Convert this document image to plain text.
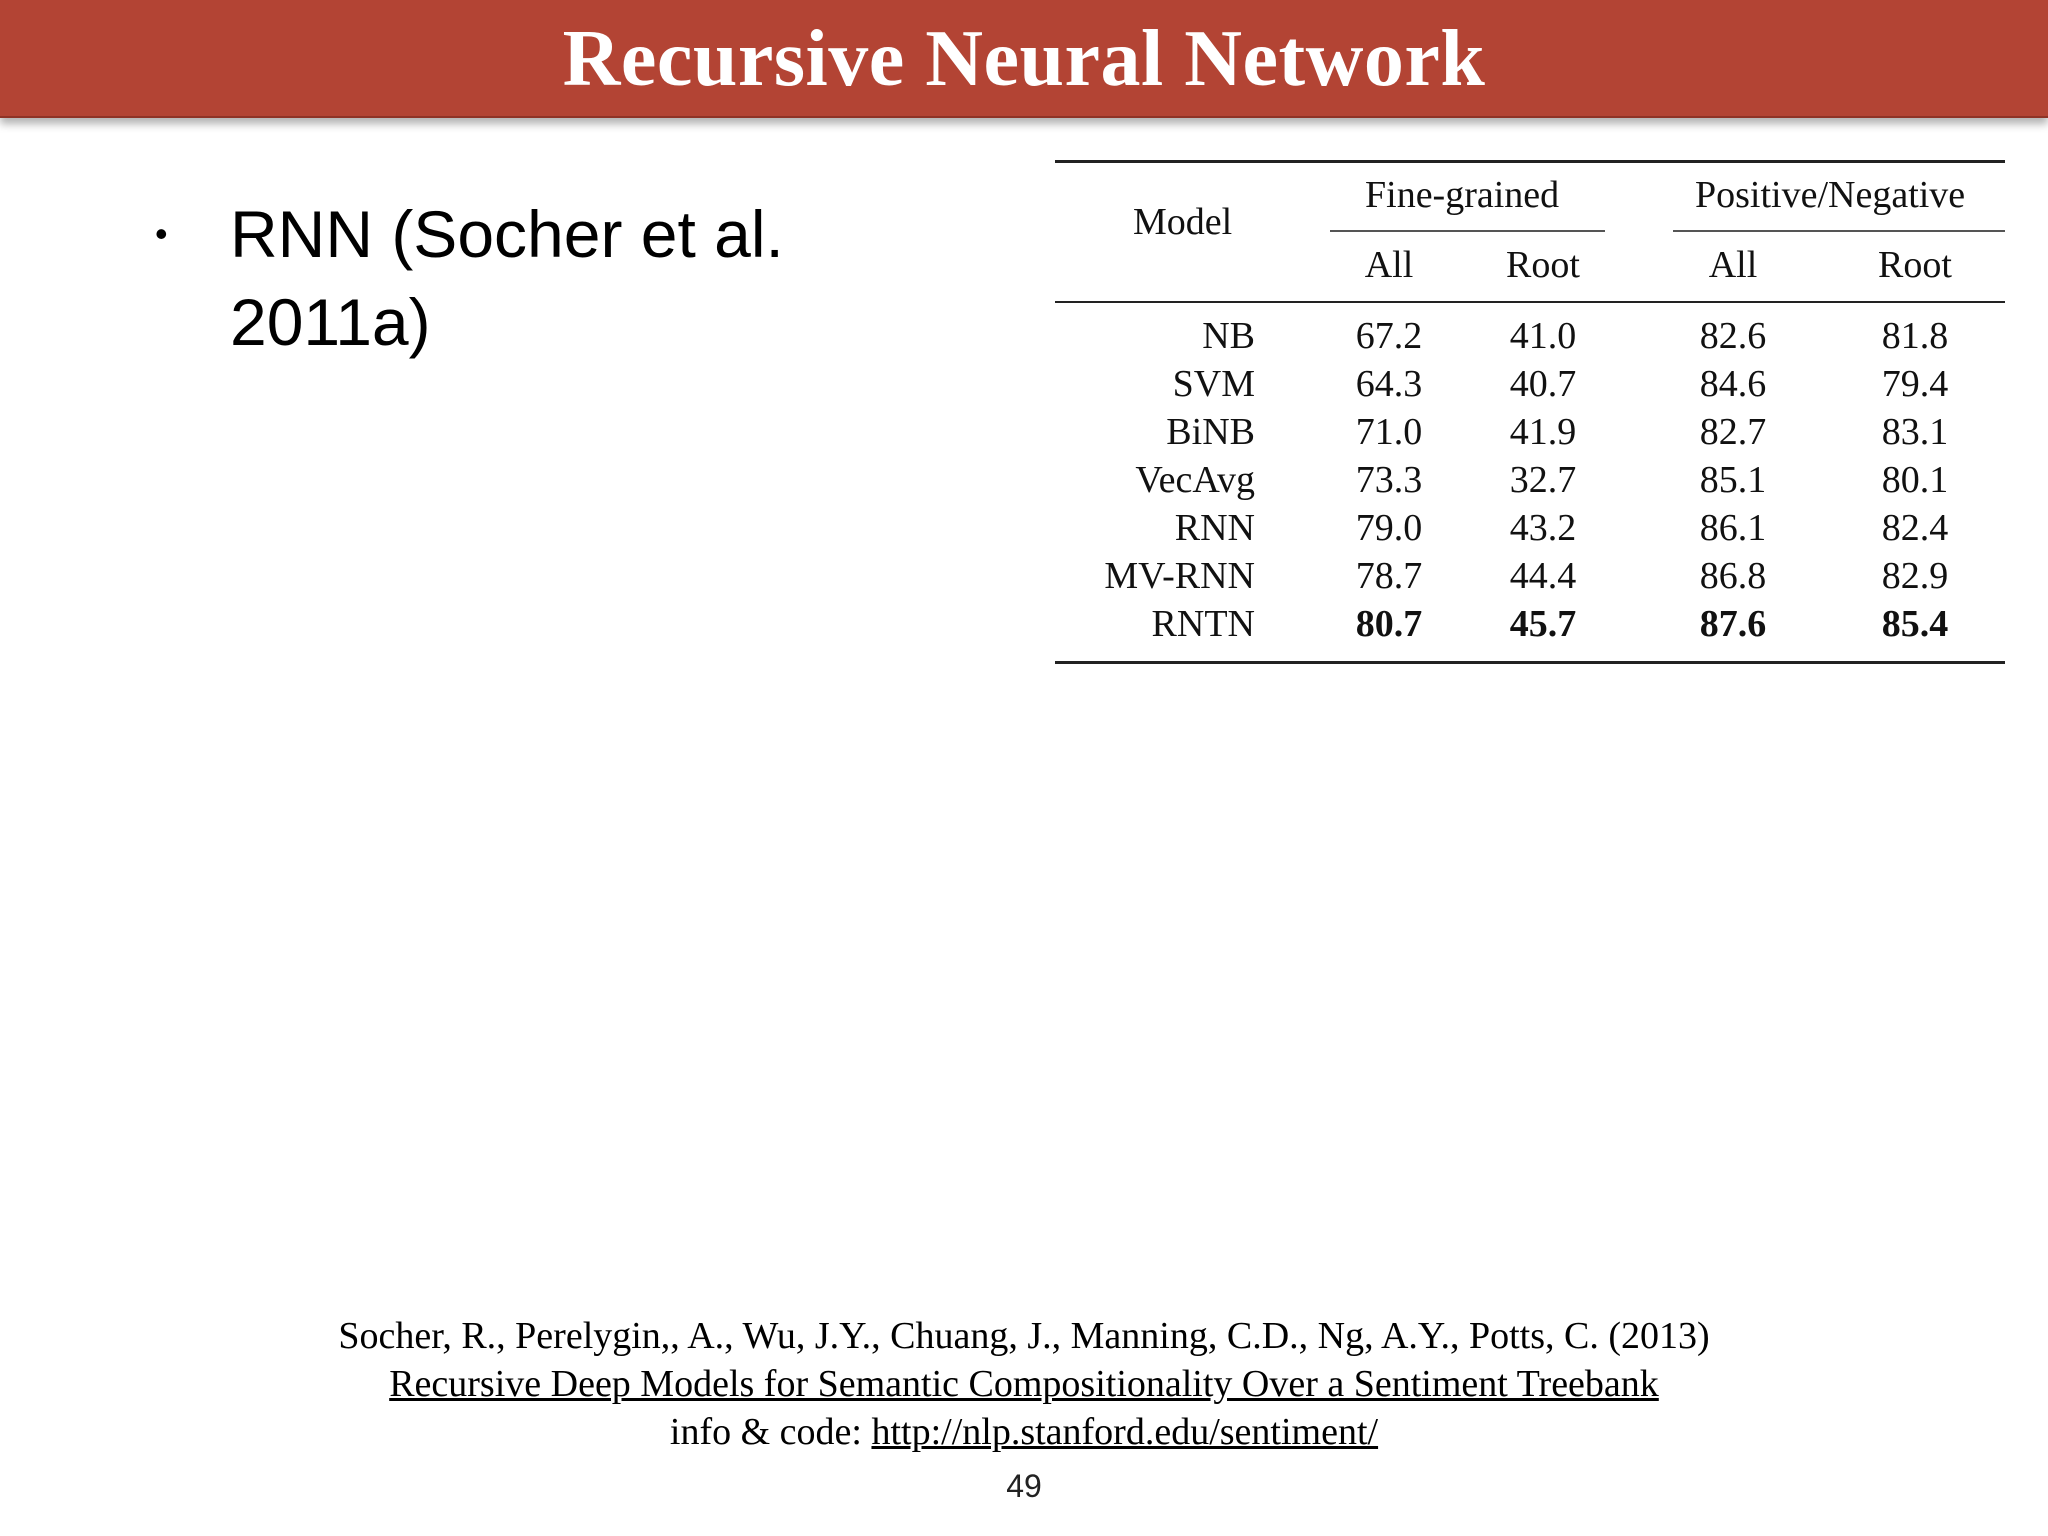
Recursive Neural Network
• RNN (Socher et al. 2011a)
Model
Fine-grained	Positive/Negative
All	Root	All	Root
NB	67.2	41.0	82.6	81.8
SVM	64.3	40.7	84.6	79.4
BiNB	71.0	41.9	82.7	83.1
VecAvg	73.3	32.7	85.1	80.1
RNN	79.0	43.2	86.1	82.4
MV-RNN	78.7	44.4	86.8	82.9
RNTN	80.7	45.7	87.6	85.4
Socher, R., Perelygin,, A., Wu, J.Y., Chuang, J., Manning, C.D., Ng, A.Y., Potts, C. (2013)
Recursive Deep Models for Semantic Compositionality Over a Sentiment Treebank
info & code: http://nlp.stanford.edu/sentiment/
49
